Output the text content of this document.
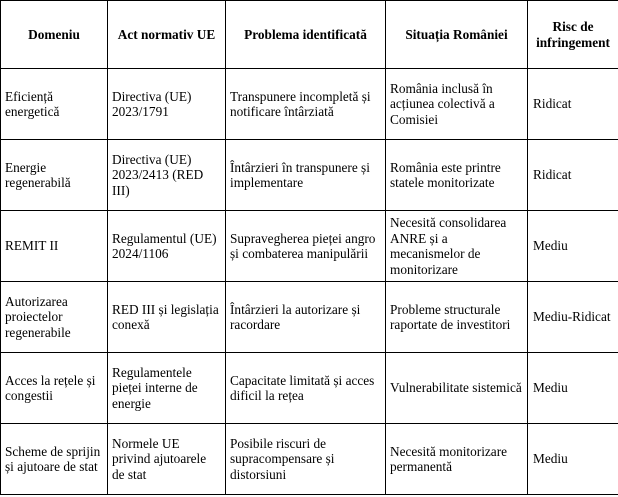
Domeniu	Act normativ UE	Problema identificată	Situația României	Risc de infringement
Eficiență energetică	Directiva (UE) 2023/1791	Transpunere incompletă și notificare întârziată	România inclusă în acțiunea colectivă a Comisiei	Ridicat
Energie regenerabilă	Directiva (UE) 2023/2413 (RED III)	Întârzieri în transpunere și implementare	România este printre statele monitorizate	Ridicat
REMIT II	Regulamentul (UE) 2024/1106	Supravegherea pieței angro și combaterea manipulării	Necesită consolidarea ANRE și a mecanismelor de monitorizare	Mediu
Autorizarea proiectelor regenerabile	RED III și legislația conexă	Întârzieri la autorizare și racordare	Probleme structurale raportate de investitori	Mediu-Ridicat
Acces la rețele și congestii	Regulamentele pieței interne de energie	Capacitate limitată și acces dificil la rețea	Vulnerabilitate sistemică	Mediu
Scheme de sprijin și ajutoare de stat	Normele UE privind ajutoarele de stat	Posibile riscuri de supracompensare și distorsiuni	Necesită monitorizare permanentă	Mediu
